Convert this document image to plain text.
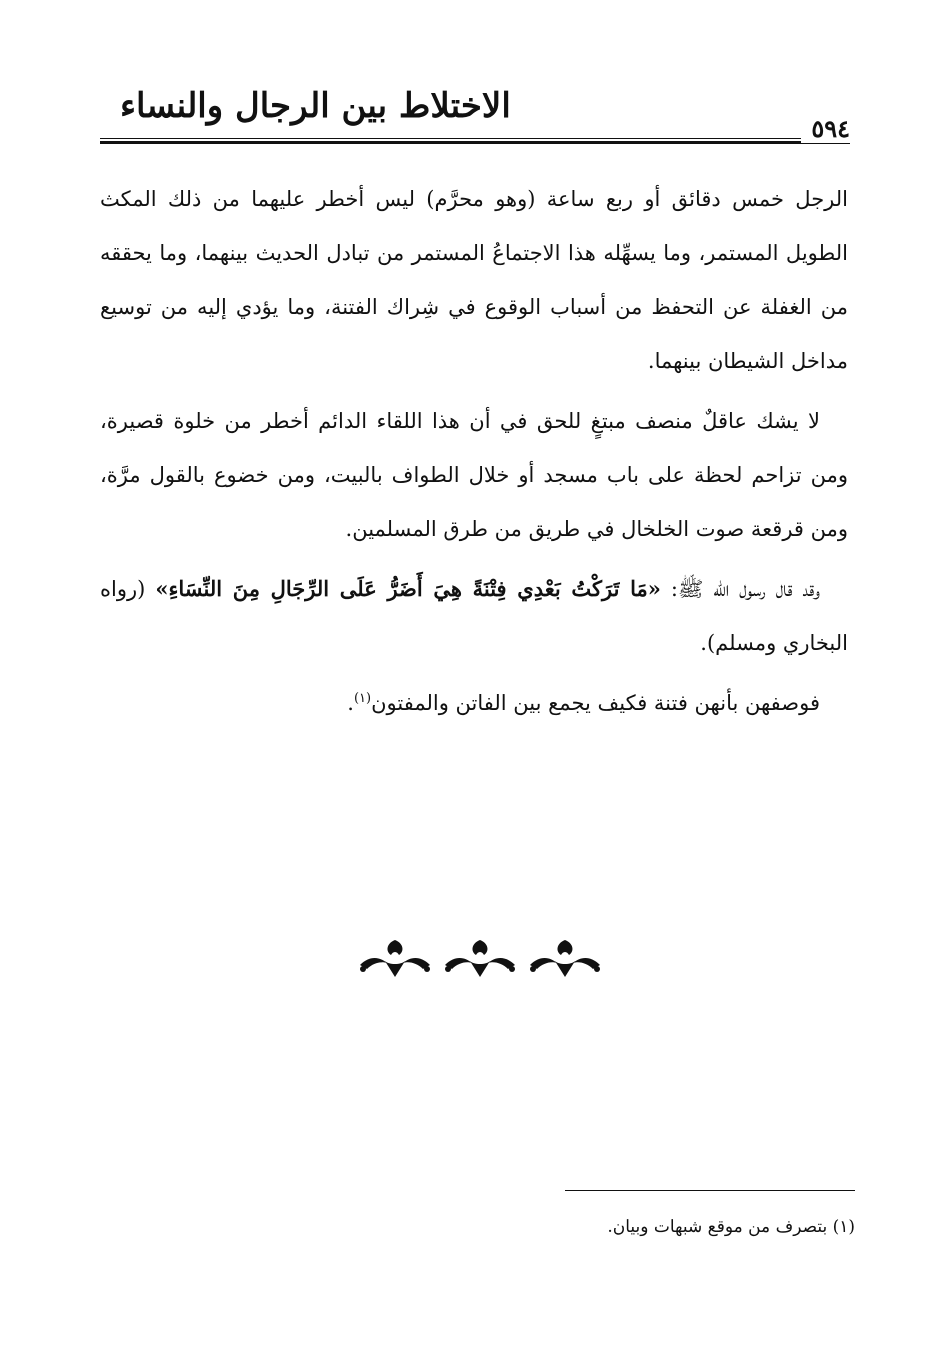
الاختلاط بين الرجال والنساء
٥٩٤

الرجل خمس دقائق أو ربع ساعة (وهو محرَّم) ليس أخطر عليهما من ذلك المكث الطويل المستمر، وما يسهِّله هذا الاجتماعُ المستمر من تبادل الحديث بينهما، وما يحققه من الغفلة عن التحفظ من أسباب الوقوع في شِراك الفتنة، وما يؤدي إليه من توسيع مداخل الشيطان بينهما.

لا يشك عاقلٌ منصف مبتغٍ للحق في أن هذا اللقاء الدائم أخطر من خلوة قصيرة، ومن تزاحم لحظة على باب مسجد أو خلال الطواف بالبيت، ومن خضوع بالقول مرَّة، ومن قرقعة صوت الخلخال في طريق من طرق المسلمين.

وقد قال رسول الله ﷺ: «مَا تَرَكْتُ بَعْدِي فِتْنَةً هِيَ أَضَرُّ عَلَى الرِّجَالِ مِنَ النِّسَاءِ» (رواه البخاري ومسلم).

فوصفهن بأنهن فتنة فكيف يجمع بين الفاتن والمفتون$^{(١)}$.

(١) بتصرف من موقع شبهات وبيان.
